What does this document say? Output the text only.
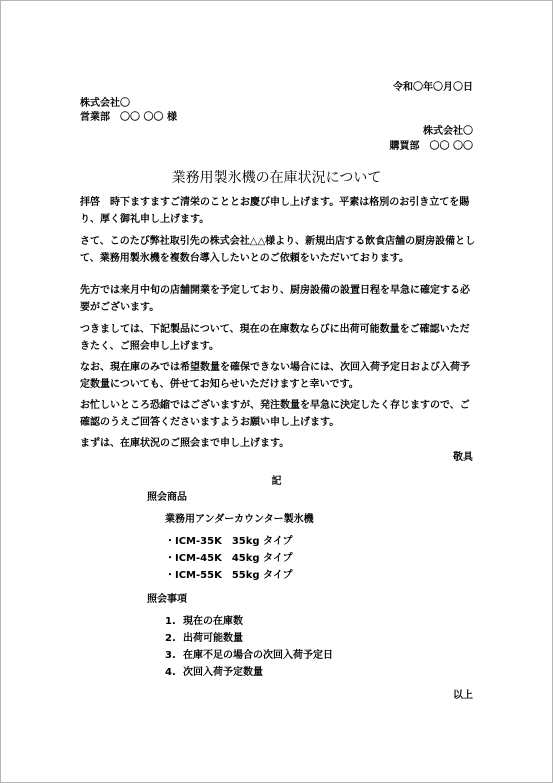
令和〇年〇月〇日
株式会社〇
営業部　〇〇 〇〇 様
株式会社〇
購買部　〇〇 〇〇
業務用製氷機の在庫状況について
拝啓　時下ますますご清栄のこととお慶び申し上げます。平素は格別のお引き立てを賜り、厚く御礼申し上げます。
さて、このたび弊社取引先の株式会社△△様より、新規出店する飲食店舗の厨房設備として、業務用製氷機を複数台導入したいとのご依頼をいただいております。
先方では来月中旬の店舗開業を予定しており、厨房設備の設置日程を早急に確定する必要がございます。
つきましては、下記製品について、現在の在庫数ならびに出荷可能数量をご確認いただきたく、ご照会申し上げます。
なお、現在庫のみでは希望数量を確保できない場合には、次回入荷予定日および入荷予定数量についても、併せてお知らせいただけますと幸いです。
お忙しいところ恐縮ではございますが、発注数量を早急に決定したく存じますので、ご確認のうえご回答くださいますようお願い申し上げます。
まずは、在庫状況のご照会まで申し上げます。
敬具
記
照会商品
業務用アンダーカウンター製氷機
・ICM-35K　35kg タイプ
・ICM-45K　45kg タイプ
・ICM-55K　55kg タイプ
照会事項
1. 現在の在庫数
2. 出荷可能数量
3. 在庫不足の場合の次回入荷予定日
4. 次回入荷予定数量
以上
